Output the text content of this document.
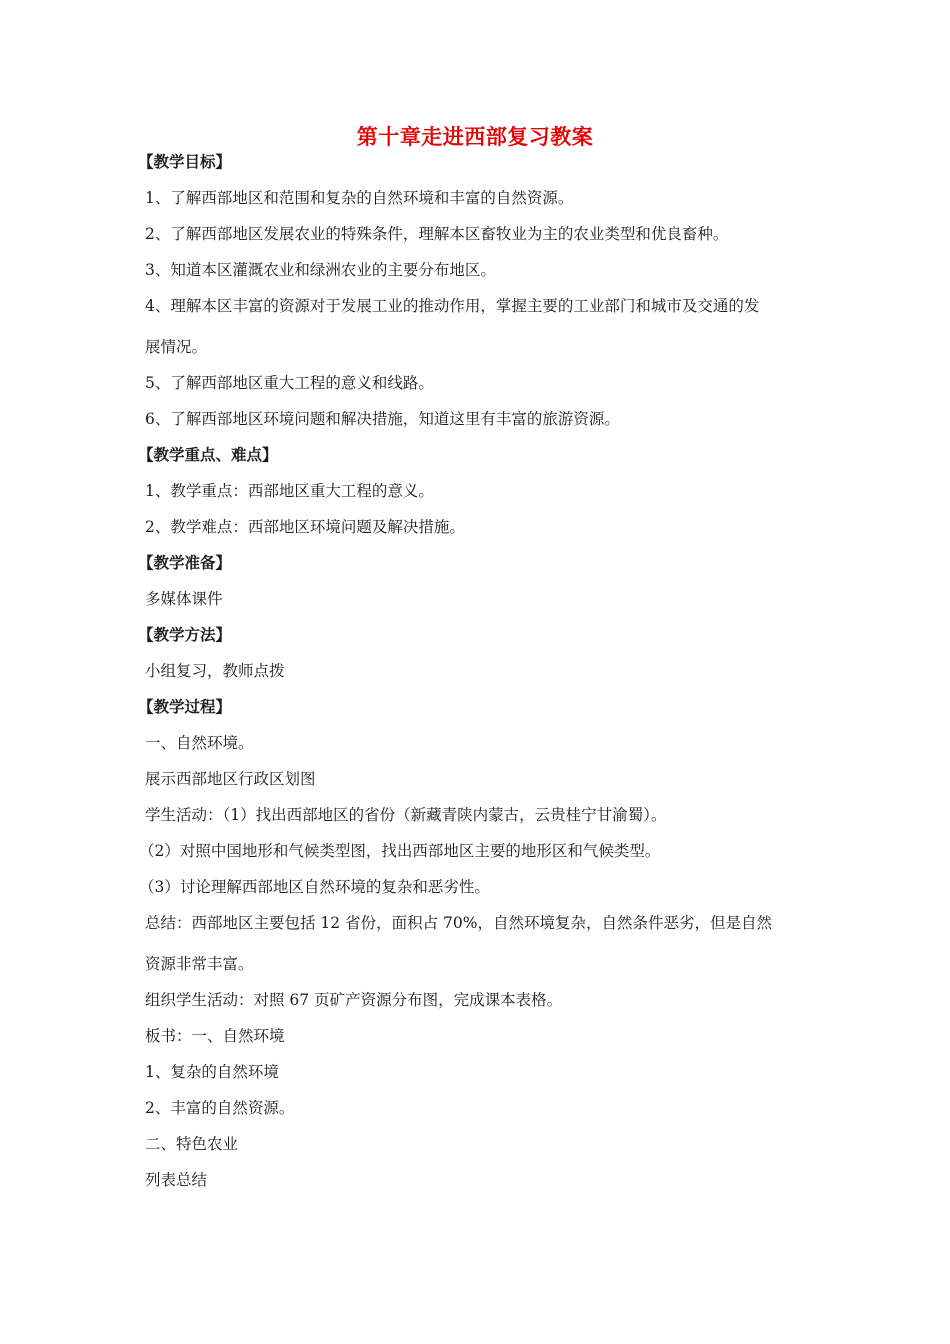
第十章走进西部复习教案
【教学目标】
1、了解西部地区和范围和复杂的自然环境和丰富的自然资源。
2、了解西部地区发展农业的特殊条件，理解本区畜牧业为主的农业类型和优良畜种。
3、知道本区灌溉农业和绿洲农业的主要分布地区。
4、理解本区丰富的资源对于发展工业的推动作用，掌握主要的工业部门和城市及交通的发
展情况。
5、了解西部地区重大工程的意义和线路。
6、了解西部地区环境问题和解决措施，知道这里有丰富的旅游资源。
【教学重点、难点】
1、教学重点：西部地区重大工程的意义。
2、教学难点：西部地区环境问题及解决措施。
【教学准备】
多媒体课件
【教学方法】
小组复习，教师点拨
【教学过程】
一、自然环境。
展示西部地区行政区划图
学生活动：（1）找出西部地区的省份（新藏青陕内蒙古，云贵桂宁甘渝蜀）。
（2）对照中国地形和气候类型图，找出西部地区主要的地形区和气候类型。
（3）讨论理解西部地区自然环境的复杂和恶劣性。
总结：西部地区主要包括 12 省份，面积占 70%，自然环境复杂，自然条件恶劣，但是自然
资源非常丰富。
组织学生活动：对照 67 页矿产资源分布图，完成课本表格。
板书：一、自然环境
1、复杂的自然环境
2、丰富的自然资源。
二、特色农业
列表总结
